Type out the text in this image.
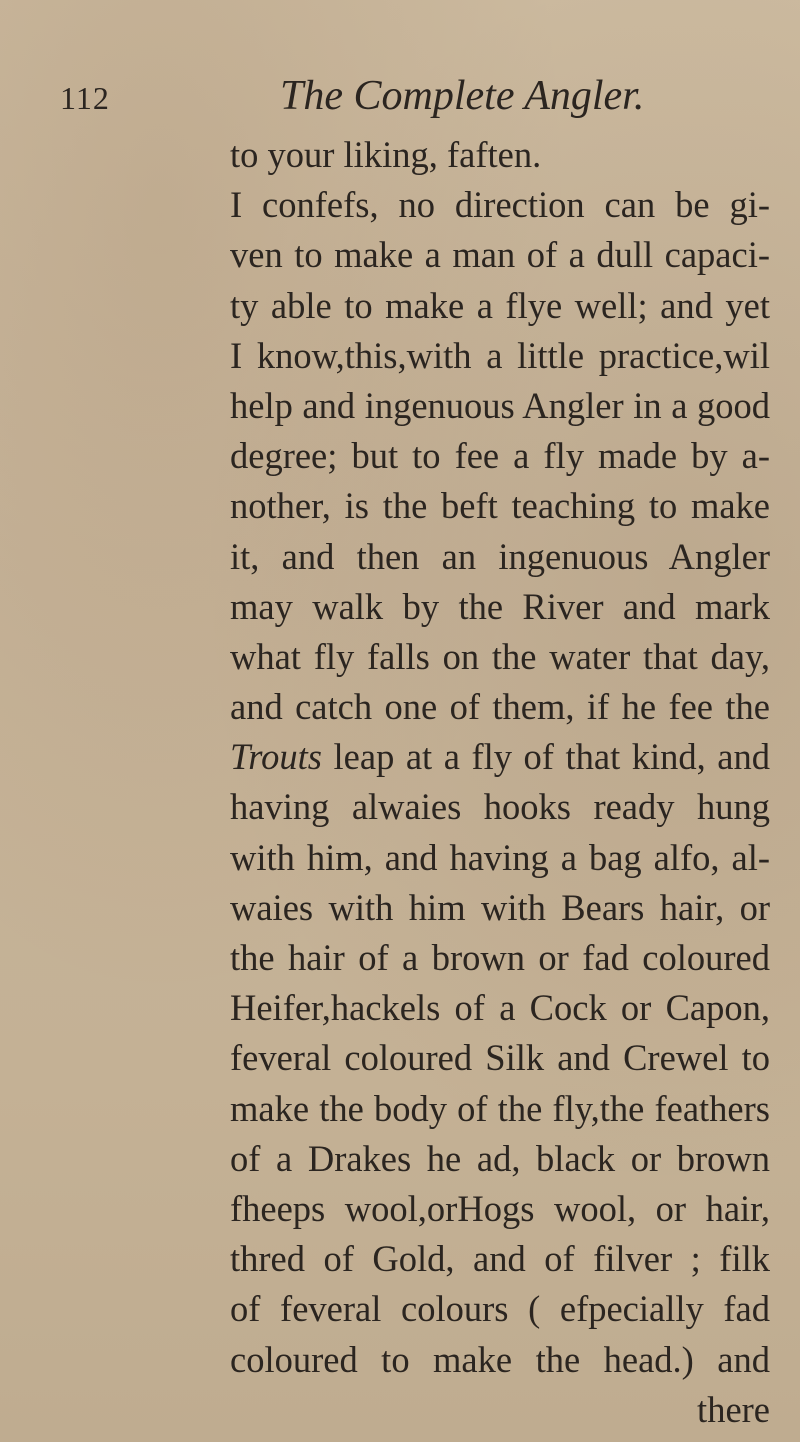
112	The Complete Angler.
to your liking, faften.
I confefs, no direction can be gi-
ven to make a man of a dull capaci-
ty able to make a flye well; and yet
I know,this,with a little practice,wil
help and ingenuous Angler in a good
degree; but to fee a fly made by a-
nother, is the beft teaching to make
it, and then an ingenuous Angler
may walk by the River and mark
what fly falls on the water that day,
and catch one of them, if he fee the
Trouts leap at a fly of that kind, and
having alwaies hooks ready hung
with him, and having a bag alfo, al-
waies with him with Bears hair, or
the hair of a brown or fad coloured
Heifer,hackels of a Cock or Capon,
feveral coloured Silk and Crewel to
make the body of the fly,the feathers
of a Drakes he ad, black or brown
fheeps wool,orHogs wool, or hair,
thred of Gold, and of filver ; filk
of feveral colours ( efpecially fad
coloured to make the head.) and
there
